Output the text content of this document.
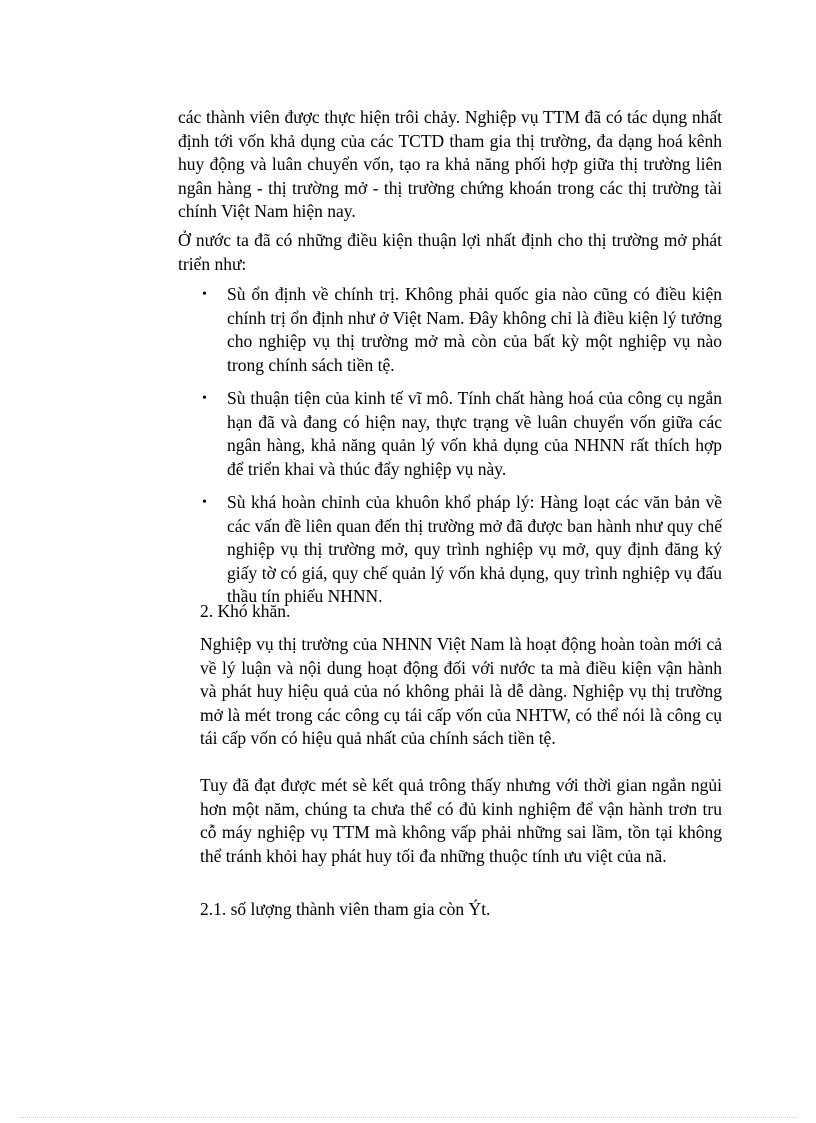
các thành viên được thực hiện trôi chảy. Nghiệp vụ TTM đã có tác dụng nhất định tới vốn khả dụng của các TCTD tham gia thị trường, đa dạng hoá kênh huy động và luân chuyển vốn, tạo ra khả năng phối hợp giữa thị trường liên ngân hàng - thị trường mở - thị trường chứng khoán trong các thị trường tài chính Việt Nam hiện nay.

Ở nước ta đã có những điều kiện thuận lợi nhất định cho thị trường mở phát triển như:

• Sù ổn định về chính trị. Không phải quốc gia nào cũng có điều kiện chính trị ổn định như ở Việt Nam. Đây không chỉ là điều kiện lý tưởng cho nghiệp vụ thị trường mở mà còn của bất kỳ một nghiệp vụ nào trong chính sách tiền tệ.
• Sù thuận tiện của kinh tế vĩ mô. Tính chất hàng hoá của công cụ ngắn hạn đã và đang có hiện nay, thực trạng về luân chuyển vốn giữa các ngân hàng, khả năng quản lý vốn khả dụng của NHNN rất thích hợp để triển khai và thúc đẩy nghiệp vụ này.
• Sù khá hoàn chỉnh của khuôn khổ pháp lý: Hàng loạt các văn bản về các vấn đề liên quan đến thị trường mở đã được ban hành như quy chế nghiệp vụ thị trường mở, quy trình nghiệp vụ mở, quy định đăng ký giấy tờ có giá, quy chế quản lý vốn khả dụng, quy trình nghiệp vụ đấu thầu tín phiếu NHNN.

2. Khó khăn.

Nghiệp vụ thị trường của NHNN Việt Nam là hoạt động hoàn toàn mới cả về lý luận và nội dung hoạt động đối với nước ta mà điều kiện vận hành và phát huy hiệu quả của nó không phải là dễ dàng. Nghiệp vụ thị trường mở là mét trong các công cụ tái cấp vốn của NHTW, có thể nói là công cụ tái cấp vốn có hiệu quả nhất của chính sách tiền tệ.

Tuy đã đạt được mét sè kết quả trông thấy nhưng với thời gian ngắn ngủi hơn một năm, chúng ta chưa thể có đủ kinh nghiệm để vận hành trơn tru cỗ máy nghiệp vụ TTM mà không vấp phải những sai lầm, tồn tại không thể tránh khỏi hay phát huy tối đa những thuộc tính ưu việt của nã.

2.1. số lượng thành viên tham gia còn Ýt.
